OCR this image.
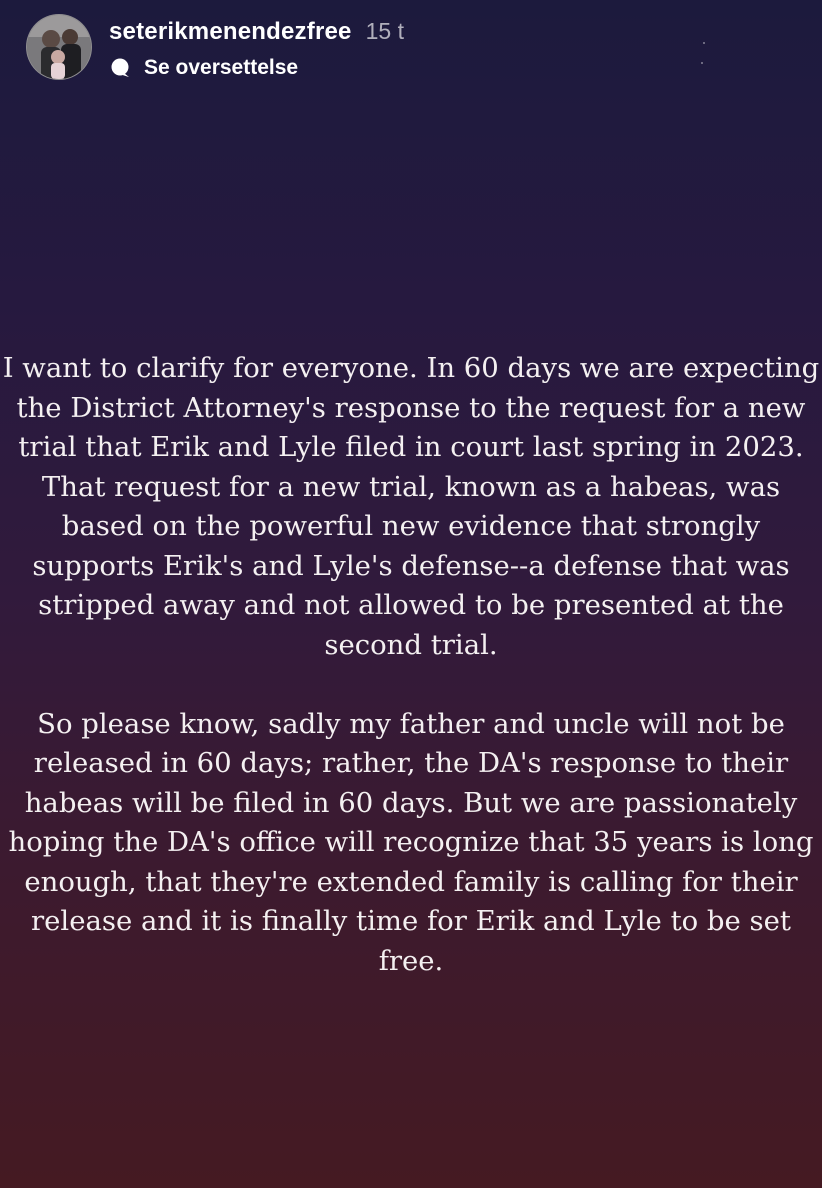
seterikmenendezfree 15 t
Se oversettelse

I want to clarify for everyone. In 60 days we are expecting the District Attorney's response to the request for a new trial that Erik and Lyle filed in court last spring in 2023. That request for a new trial, known as a habeas, was based on the powerful new evidence that strongly supports Erik's and Lyle's defense--a defense that was stripped away and not allowed to be presented at the second trial.

So please know, sadly my father and uncle will not be released in 60 days; rather, the DA's response to their habeas will be filed in 60 days. But we are passionately hoping the DA's office will recognize that 35 years is long enough, that they're extended family is calling for their release and it is finally time for Erik and Lyle to be set free.
